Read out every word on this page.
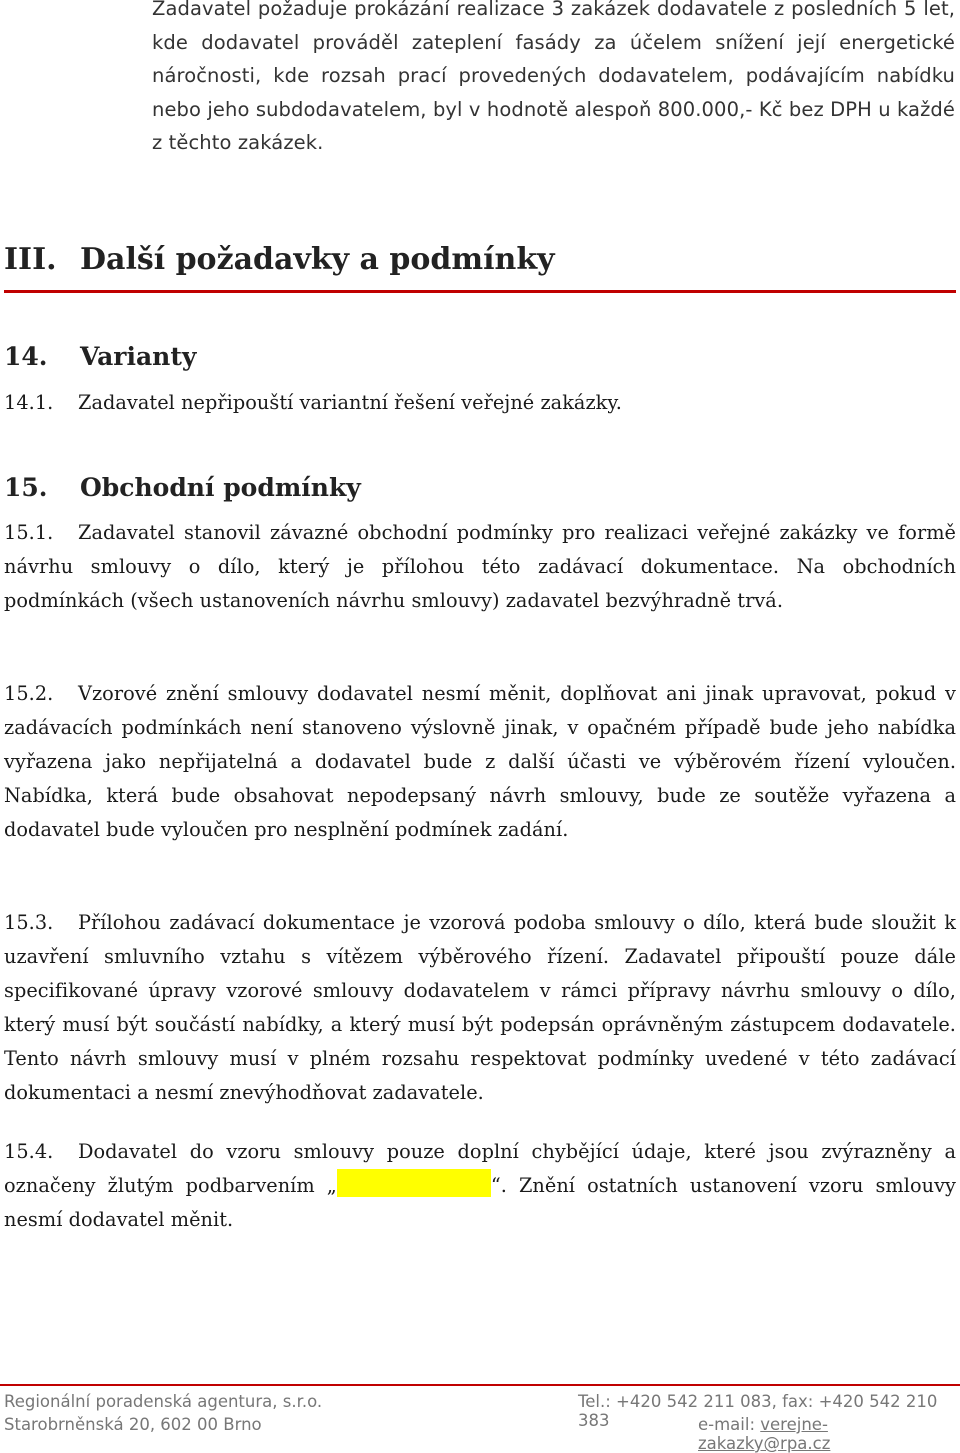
Zadavatel požaduje prokázání realizace 3 zakázek dodavatele z posledních 5 let, kde dodavatel prováděl zateplení fasády za účelem snížení její energetické náročnosti, kde rozsah prací provedených dodavatelem, podávajícím nabídku nebo jeho subdodavatelem, byl v hodnotě alespoň 800.000,- Kč bez DPH u každé z těchto zakázek.
III. Další požadavky a podmínky
14. Varianty
14.1. Zadavatel nepřipouští variantní řešení veřejné zakázky.
15. Obchodní podmínky
15.1. Zadavatel stanovil závazné obchodní podmínky pro realizaci veřejné zakázky ve formě návrhu smlouvy o dílo, který je přílohou této zadávací dokumentace. Na obchodních podmínkách (všech ustanoveních návrhu smlouvy) zadavatel bezvýhradně trvá.
15.2. Vzorové znění smlouvy dodavatel nesmí měnit, doplňovat ani jinak upravovat, pokud v zadávacích podmínkách není stanoveno výslovně jinak, v opačném případě bude jeho nabídka vyřazena jako nepřijatelná a dodavatel bude z další účasti ve výběrovém řízení vyloučen. Nabídka, která bude obsahovat nepodepsaný návrh smlouvy, bude ze soutěže vyřazena a dodavatel bude vyloučen pro nesplnění podmínek zadání.
15.3. Přílohou zadávací dokumentace je vzorová podoba smlouvy o dílo, která bude sloužit k uzavření smluvního vztahu s vítězem výběrového řízení. Zadavatel připouští pouze dále specifikované úpravy vzorové smlouvy dodavatelem v rámci přípravy návrhu smlouvy o dílo, který musí být součástí nabídky, a který musí být podepsán oprávněným zástupcem dodavatele. Tento návrh smlouvy musí v plném rozsahu respektovat podmínky uvedené v této zadávací dokumentaci a nesmí znevýhodňovat zadavatele.
15.4. Dodavatel do vzoru smlouvy pouze doplní chybějící údaje, které jsou zvýrazněny a označeny žlutým podbarvením „	“. Znění ostatních ustanovení vzoru smlouvy nesmí dodavatel měnit.
Regionální poradenská agentura, s.r.o.
Starobrněnská 20, 602 00 Brno
Tel.: +420 542 211 083, fax: +420 542 210 383	e-mail: verejne-zakazky@rpa.cz
